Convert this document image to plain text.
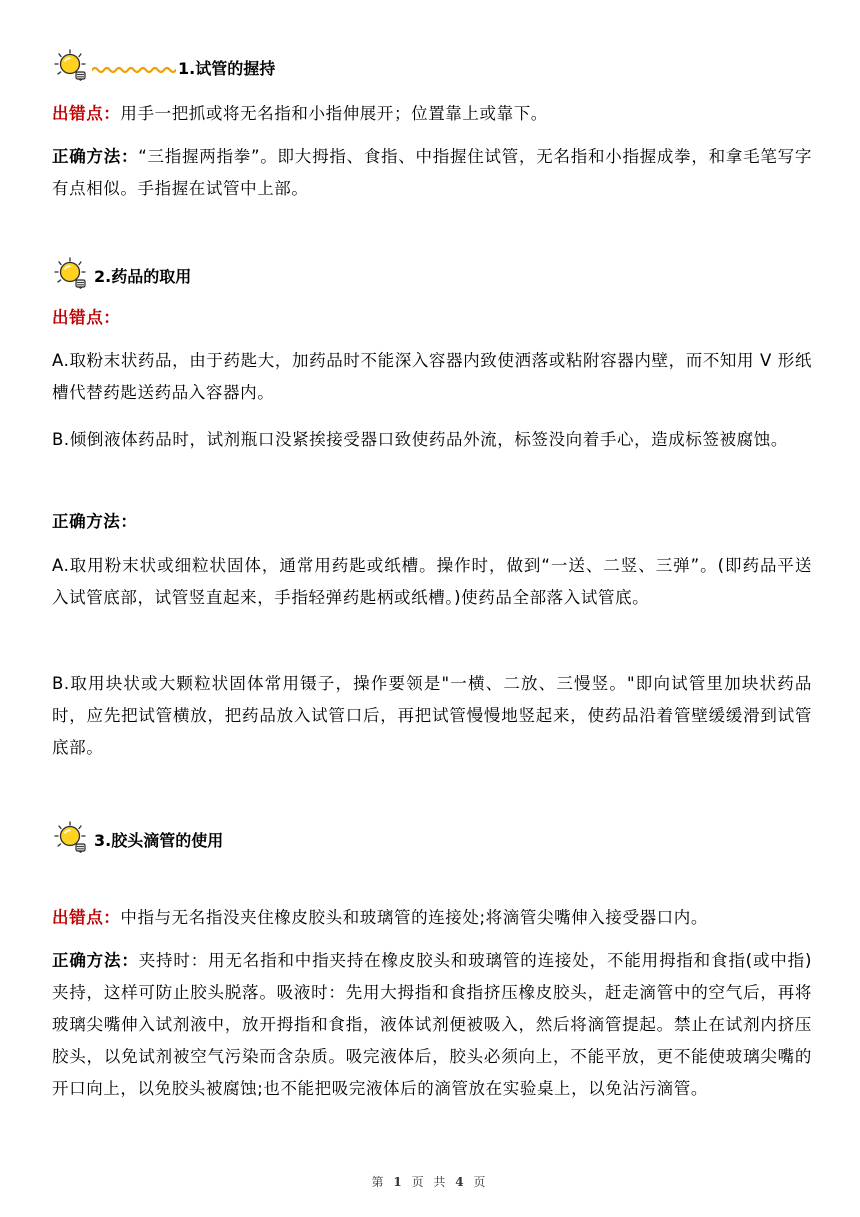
1.试管的握持
出错点：用手一把抓或将无名指和小指伸展开；位置靠上或靠下。
正确方法：“三指握两指拳”。即大拇指、食指、中指握住试管，无名指和小指握成拳，和拿毛笔写字有点相似。手指握在试管中上部。
2.药品的取用
出错点：
A.取粉末状药品，由于药匙大，加药品时不能深入容器内致使洒落或粘附容器内壁，而不知用 V 形纸槽代替药匙送药品入容器内。
B.倾倒液体药品时，试剂瓶口没紧挨接受器口致使药品外流，标签没向着手心，造成标签被腐蚀。
正确方法：
A.取用粉末状或细粒状固体，通常用药匙或纸槽。操作时，做到“一送、二竖、三弹”。(即药品平送入试管底部，试管竖直起来，手指轻弹药匙柄或纸槽。)使药品全部落入试管底。
B.取用块状或大颗粒状固体常用镊子，操作要领是"一横、二放、三慢竖。"即向试管里加块状药品时，应先把试管横放，把药品放入试管口后，再把试管慢慢地竖起来，使药品沿着管壁缓缓滑到试管底部。
3.胶头滴管的使用
出错点：中指与无名指没夹住橡皮胶头和玻璃管的连接处;将滴管尖嘴伸入接受器口内。
正确方法：夹持时：用无名指和中指夹持在橡皮胶头和玻璃管的连接处，不能用拇指和食指(或中指)夹持，这样可防止胶头脱落。吸液时：先用大拇指和食指挤压橡皮胶头，赶走滴管中的空气后，再将玻璃尖嘴伸入试剂液中，放开拇指和食指，液体试剂便被吸入，然后将滴管提起。禁止在试剂内挤压胶头，以免试剂被空气污染而含杂质。吸完液体后，胶头必须向上，不能平放，更不能使玻璃尖嘴的开口向上，以免胶头被腐蚀;也不能把吸完液体后的滴管放在实验桌上，以免沾污滴管。
第 1 页 共 4 页
